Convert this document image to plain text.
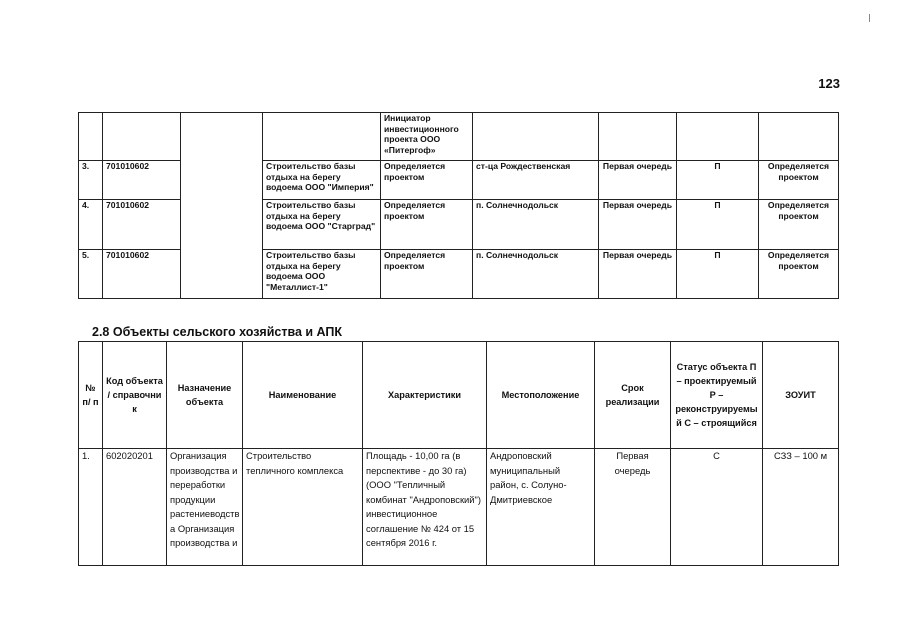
123
				Инициатор инвестиционного проекта ООО «Питергоф»				
3.	701010602		Строительство базы отдыха на берегу водоема ООО "Империя"	Определяется проектом	ст-ца Рождественская	Первая очередь	П	Определяется проектом
4.	701010602		Строительство базы отдыха на берегу водоема ООО "Старград"	Определяется проектом	п. Солнечнодольск	Первая очередь	П	Определяется проектом
5.	701010602		Строительство базы отдыха на берегу водоема ООО "Металлист-1"	Определяется проектом	п. Солнечнодольск	Первая очередь	П	Определяется проектом
2.8 Объекты сельского хозяйства и АПК
№ п/ п	Код объекта / справочни к	Назначение объекта	Наименование	Характеристики	Местоположение	Срок реализации	Статус объекта П – проектируемый Р – реконструируемы й С – строящийся	ЗОУИТ
1.	602020201	Организация производства и переработки продукции растениеводств а Организация производства и	Строительство тепличного комплекса	Площадь - 10,00 га (в перспективе - до 30 га) (ООО "Тепличный комбинат "Андроповский") инвестиционное соглашение № 424 от 15 сентября 2016 г.	Андроповский муниципальный район, с. Солуно-Дмитриевское	Первая очередь	С	СЗЗ – 100 м
